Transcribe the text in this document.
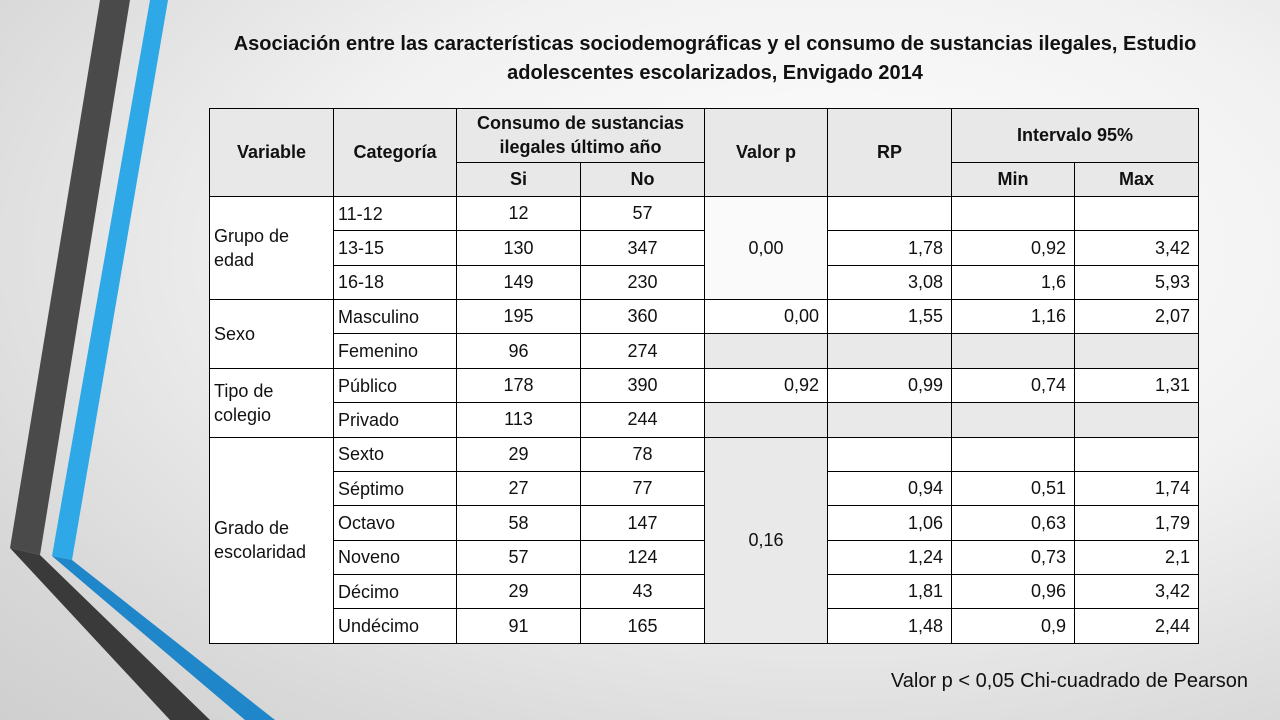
Asociación entre las características sociodemográficas y el consumo de sustancias ilegales, Estudio adolescentes escolarizados, Envigado 2014
Variable	Categoría	Consumo de sustancias ilegales último año		Valor p	RP	Intervalo 95%	
		Si	No			Min	Max
Grupo de edad	11-12	12	57	0,00			
	13-15	130	347		1,78	0,92	3,42
	16-18	149	230		3,08	1,6	5,93
Sexo	Masculino	195	360	0,00	1,55	1,16	2,07
	Femenino	96	274				
Tipo de colegio	Público	178	390	0,92	0,99	0,74	1,31
	Privado	113	244				
Grado de escolaridad	Sexto	29	78	0,16			
	Séptimo	27	77		0,94	0,51	1,74
	Octavo	58	147		1,06	0,63	1,79
	Noveno	57	124		1,24	0,73	2,1
	Décimo	29	43		1,81	0,96	3,42
	Undécimo	91	165		1,48	0,9	2,44
Valor p < 0,05 Chi-cuadrado de Pearson
